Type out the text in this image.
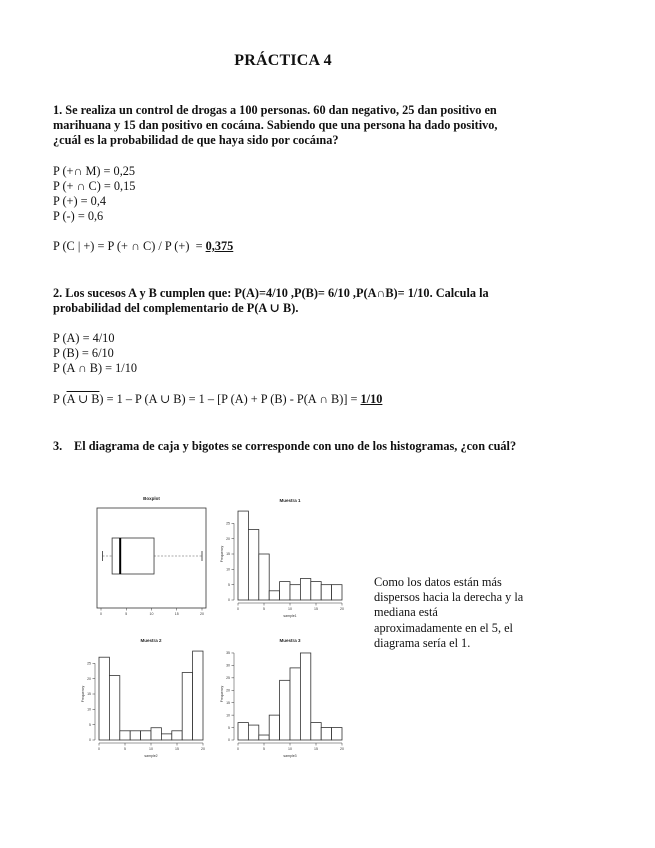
PRÁCTICA 4
1. Se realiza un control de drogas a 100 personas. 60 dan negativo, 25 dan positivo en marihuana y 15 dan positivo en cocáına. Sabiendo que una persona ha dado positivo, ¿cuál es la probabilidad de que haya sido por cocáına?
P (+∩ M) = 0,25
P (+ ∩ C) = 0,15
P (+) = 0,4
P (-) = 0,6
P (C | +) = P (+ ∩ C) / P (+)  = 0,375
2. Los sucesos A y B cumplen que: P(A)=4/10 ,P(B)= 6/10 ,P(A∩B)= 1/10. Calcula la probabilidad del complementario de P(A ∪ B).
P (A) = 4/10
P (B) = 6/10
P (A ∩ B) = 1/10
P (A ∪ B) = 1 – P (A ∪ B) = 1 – [P (A) + P (B) - P(A ∩ B)] = 1/10
3. El diagrama de caja y bigotes se corresponde con uno de los histogramas, ¿con cuál?
Boxplot
0	5	10	15	20
Muestra 1
0	5	10	15	20
sample1
0
5
10
15
20
25
Frequency
Muestra 2
0	5	10	15	20
sample2
0
5
10
15
20
25
Frequency
Muestra 3
0	5	10	15	20
sample3
0
5
10
15
20
25
30
35
Frequency
Como los datos están más dispersos hacia la derecha y la mediana está aproximadamente en el 5, el diagrama sería el 1.
